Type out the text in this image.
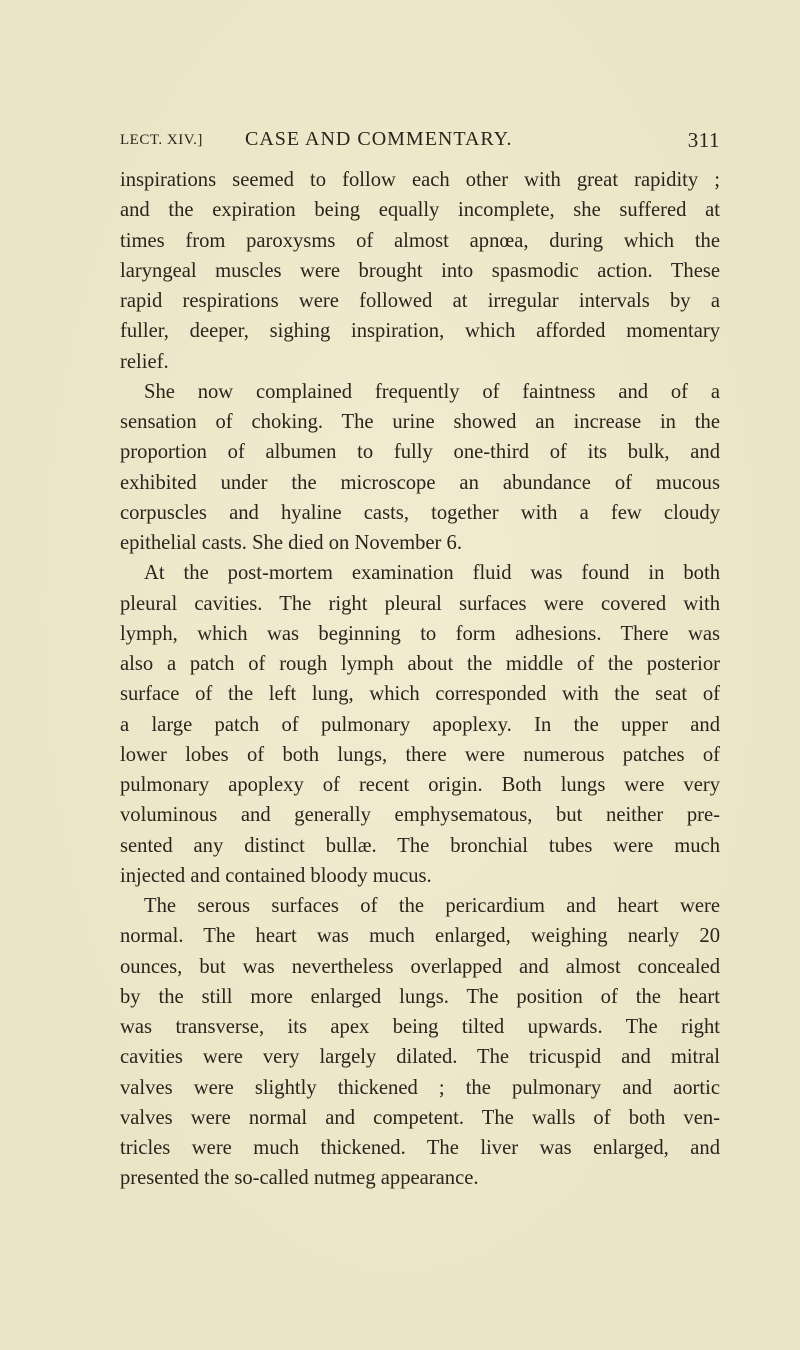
LECT. XIV.] CASE AND COMMENTARY.	311
inspirations seemed to follow each other with great rapidity ;
and the expiration being equally incomplete, she suffered at
times from paroxysms of almost apnœa, during which the
laryngeal muscles were brought into spasmodic action. These
rapid respirations were followed at irregular intervals by a
fuller, deeper, sighing inspiration, which afforded momentary
relief.
She now complained frequently of faintness and of a
sensation of choking. The urine showed an increase in the
proportion of albumen to fully one-third of its bulk, and
exhibited under the microscope an abundance of mucous
corpuscles and hyaline casts, together with a few cloudy
epithelial casts. She died on November 6.
At the post-mortem examination fluid was found in both
pleural cavities. The right pleural surfaces were covered with
lymph, which was beginning to form adhesions. There was
also a patch of rough lymph about the middle of the posterior
surface of the left lung, which corresponded with the seat of
a large patch of pulmonary apoplexy. In the upper and
lower lobes of both lungs, there were numerous patches of
pulmonary apoplexy of recent origin. Both lungs were very
voluminous and generally emphysematous, but neither pre-
sented any distinct bullæ. The bronchial tubes were much
injected and contained bloody mucus.
The serous surfaces of the pericardium and heart were
normal. The heart was much enlarged, weighing nearly 20
ounces, but was nevertheless overlapped and almost concealed
by the still more enlarged lungs. The position of the heart
was transverse, its apex being tilted upwards. The right
cavities were very largely dilated. The tricuspid and mitral
valves were slightly thickened ; the pulmonary and aortic
valves were normal and competent. The walls of both ven-
tricles were much thickened. The liver was enlarged, and
presented the so-called nutmeg appearance.
